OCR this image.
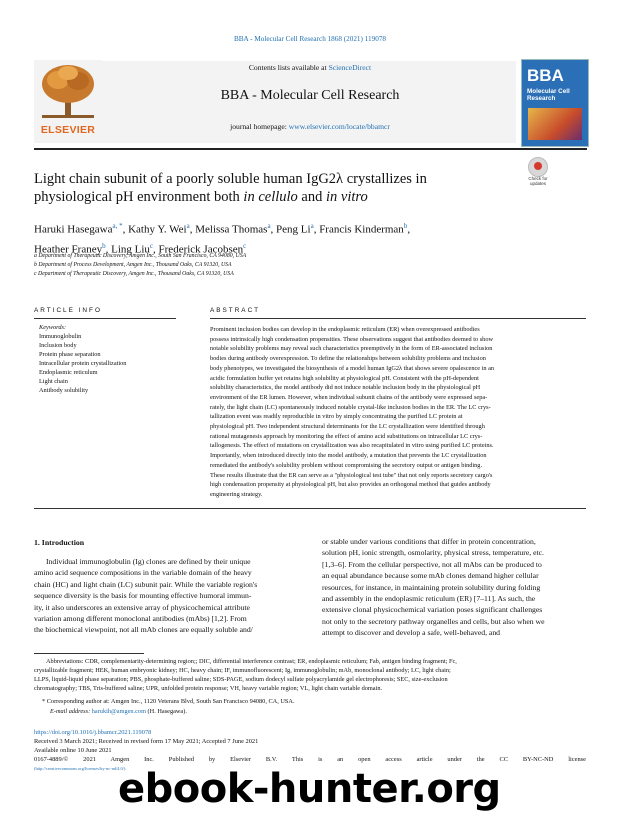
BBA - Molecular Cell Research 1868 (2021) 119078
ELSEVIER
Contents lists available at ScienceDirect
BBA - Molecular Cell Research
journal homepage: www.elsevier.com/locate/bbamcr
BBA
Molecular Cell Research
Light chain subunit of a poorly soluble human IgG2λ crystallizes in
physiological pH environment both in cellulo and in vitro
Check for updates
Haruki Hasegawa$^{a, *}$, Kathy Y. Wei$^a$, Melissa Thomas$^a$, Peng Li$^a$, Francis Kinderman$^b$,
Heather Franey$^b$, Ling Liu$^c$, Frederick Jacobsen$^c$
a Department of Therapeutic Discovery, Amgen Inc., South San Francisco, CA 94080, USA
b Department of Process Development, Amgen Inc., Thousand Oaks, CA 91320, USA
c Department of Therapeutic Discovery, Amgen Inc., Thousand Oaks, CA 91320, USA
ARTICLE INFO	ABSTRACT
Keywords:
Immunoglobulin
Inclusion body
Protein phase separation
Intracellular protein crystallization
Endoplasmic reticulum
Light chain
Antibody solubility
Prominent inclusion bodies can develop in the endoplasmic reticulum (ER) when overexpressed antibodies
possess intrinsically high condensation propensities. These observations suggest that antibodies deemed to show
notable solubility problems may reveal such characteristics preemptively in the form of ER-associated inclusion
bodies during antibody overexpression. To define the relationships between solubility problems and inclusion
body phenotypes, we investigated the biosynthesis of a model human IgG2λ that shows severe opalescence in an
acidic formulation buffer yet retains high solubility at physiological pH. Consistent with the pH-dependent
solubility characteristics, the model antibody did not induce notable inclusion body in the physiological pH
environment of the ER lumen. However, when individual subunit chains of the antibody were expressed sepa-
rately, the light chain (LC) spontaneously induced notable crystal-like inclusion bodies in the ER. The LC crys-
tallization event was readily reproducible in vitro by simply concentrating the purified LC protein at
physiological pH. Two independent structural determinants for the LC crystallization were identified through
rational mutagenesis approach by monitoring the effect of amino acid substitutions on intracellular LC crys-
tallogenesis. The effect of mutations on crystallization was also recapitulated in vitro using purified LC proteins.
Importantly, when introduced directly into the model antibody, a mutation that prevents the LC crystallization
remediated the antibody's solubility problem without compromising the secretory output or antigen binding.
These results illustrate that the ER can serve as a "physiological test tube" that not only reports secretory cargo's
high condensation propensity at physiological pH, but also provides an orthogonal method that guides antibody
engineering strategy.
1. Introduction
Individual immunoglobulin (Ig) clones are defined by their unique
amino acid sequence compositions in the variable domain of the heavy
chain (HC) and light chain (LC) subunit pair. While the variable region's
sequence diversity is the basis for mounting effective humoral immun-
ity, it also underscores an extensive array of physicochemical attribute
variation among different monoclonal antibodies (mAbs) [1,2]. From
the biochemical viewpoint, not all mAb clones are equally soluble and/
or stable under various conditions that differ in protein concentration,
solution pH, ionic strength, osmolarity, physical stress, temperature, etc.
[1,3–6]. From the cellular perspective, not all mAbs can be produced to
an equal abundance because some mAb clones demand higher cellular
resources, for instance, in maintaining protein solubility during folding
and assembly in the endoplasmic reticulum (ER) [7–11]. As such, the
extensive clonal physicochemical variation poses significant challenges
not only to the secretory pathway organelles and cells, but also when we
attempt to discover and develop a safe, well-behaved, and
Abbreviations: CDR, complementarity-determining region;; DIC, differential interference contrast; ER, endoplasmic reticulum; Fab, antigen binding fragment; Fc,
crystallizable fragment; HEK, human embryonic kidney; HC, heavy chain; IF, immunofluorescent; Ig, immunoglobulin; mAb, monoclonal antibody; LC, light chain;
LLPS, liquid-liquid phase separation; PBS, phosphate-buffered saline; SDS-PAGE, sodium dodecyl sulfate polyacrylamide gel electrophoresis; SEC, size-exclusion
chromatography; TBS, Tris-buffered saline; UPR, unfolded protein response; VH, heavy variable region; VL, light chain variable domain.
* Corresponding author at: Amgen Inc., 1120 Veterans Blvd, South San Francisco 94080, CA, USA.
E-mail address: harukih@amgen.com (H. Hasegawa).
https://doi.org/10.1016/j.bbamcr.2021.119078
Received 3 March 2021; Received in revised form 17 May 2021; Accepted 7 June 2021
Available online 10 June 2021
0167-4889/© 2021 Amgen Inc. Published by Elsevier B.V. This is an open access article under the CC BY-NC-ND license
(http://creativecommons.org/licenses/by-nc-nd/4.0/).
ebook-hunter.org
